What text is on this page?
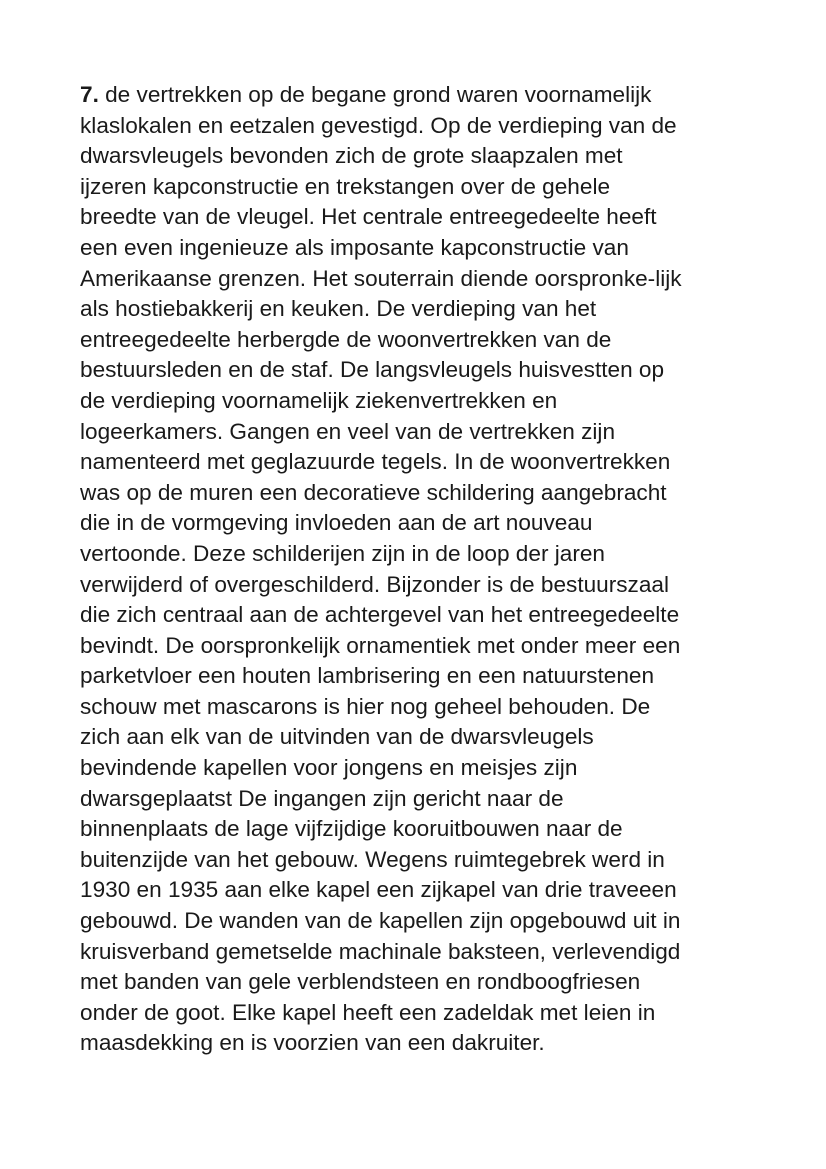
7. de vertrekken op de begane grond waren voornamelijk
klaslokalen en eetzalen gevestigd. Op de verdieping van de
dwarsvleugels bevonden zich de grote slaapzalen met
ijzeren kapconstructie en trekstangen over de gehele
breedte van de vleugel. Het centrale entreegedeelte heeft
een even ingenieuze als imposante kapconstructie van
Amerikaanse grenzen. Het souterrain diende oorspronke-lijk
als hostiebakkerij en keuken. De verdieping van het
entreegedeelte herbergde de woonvertrekken van de
bestuursleden en de staf. De langsvleugels huisvestten op
de verdieping voornamelijk ziekenvertrekken en
logeerkamers. Gangen en veel van de vertrekken zijn
namenteerd met geglazuurde tegels. In de woonvertrekken
was op de muren een decoratieve schildering aangebracht
die in de vormgeving invloeden aan de art nouveau
vertoonde. Deze schilderijen zijn in de loop der jaren
verwijderd of overgeschilderd. Bijzonder is de bestuurszaal
die zich centraal aan de achtergevel van het entreegedeelte
bevindt. De oorspronkelijk ornamentiek met onder meer een
parketvloer een houten lambrisering en een natuurstenen
schouw met mascarons is hier nog geheel behouden. De
zich aan elk van de uitvinden van de dwarsvleugels
bevindende kapellen voor jongens en meisjes zijn
dwarsgeplaatst De ingangen zijn gericht naar de
binnenplaats de lage vijfzijdige kooruitbouwen naar de
buitenzijde van het gebouw. Wegens ruimtegebrek werd in
1930 en 1935 aan elke kapel een zijkapel van drie traveeen
gebouwd. De wanden van de kapellen zijn opgebouwd uit in
kruisverband gemetselde machinale baksteen, verlevendigd
met banden van gele verblendsteen en rondboogfriesen
onder de goot. Elke kapel heeft een zadeldak met leien in
maasdekking en is voorzien van een dakruiter.
